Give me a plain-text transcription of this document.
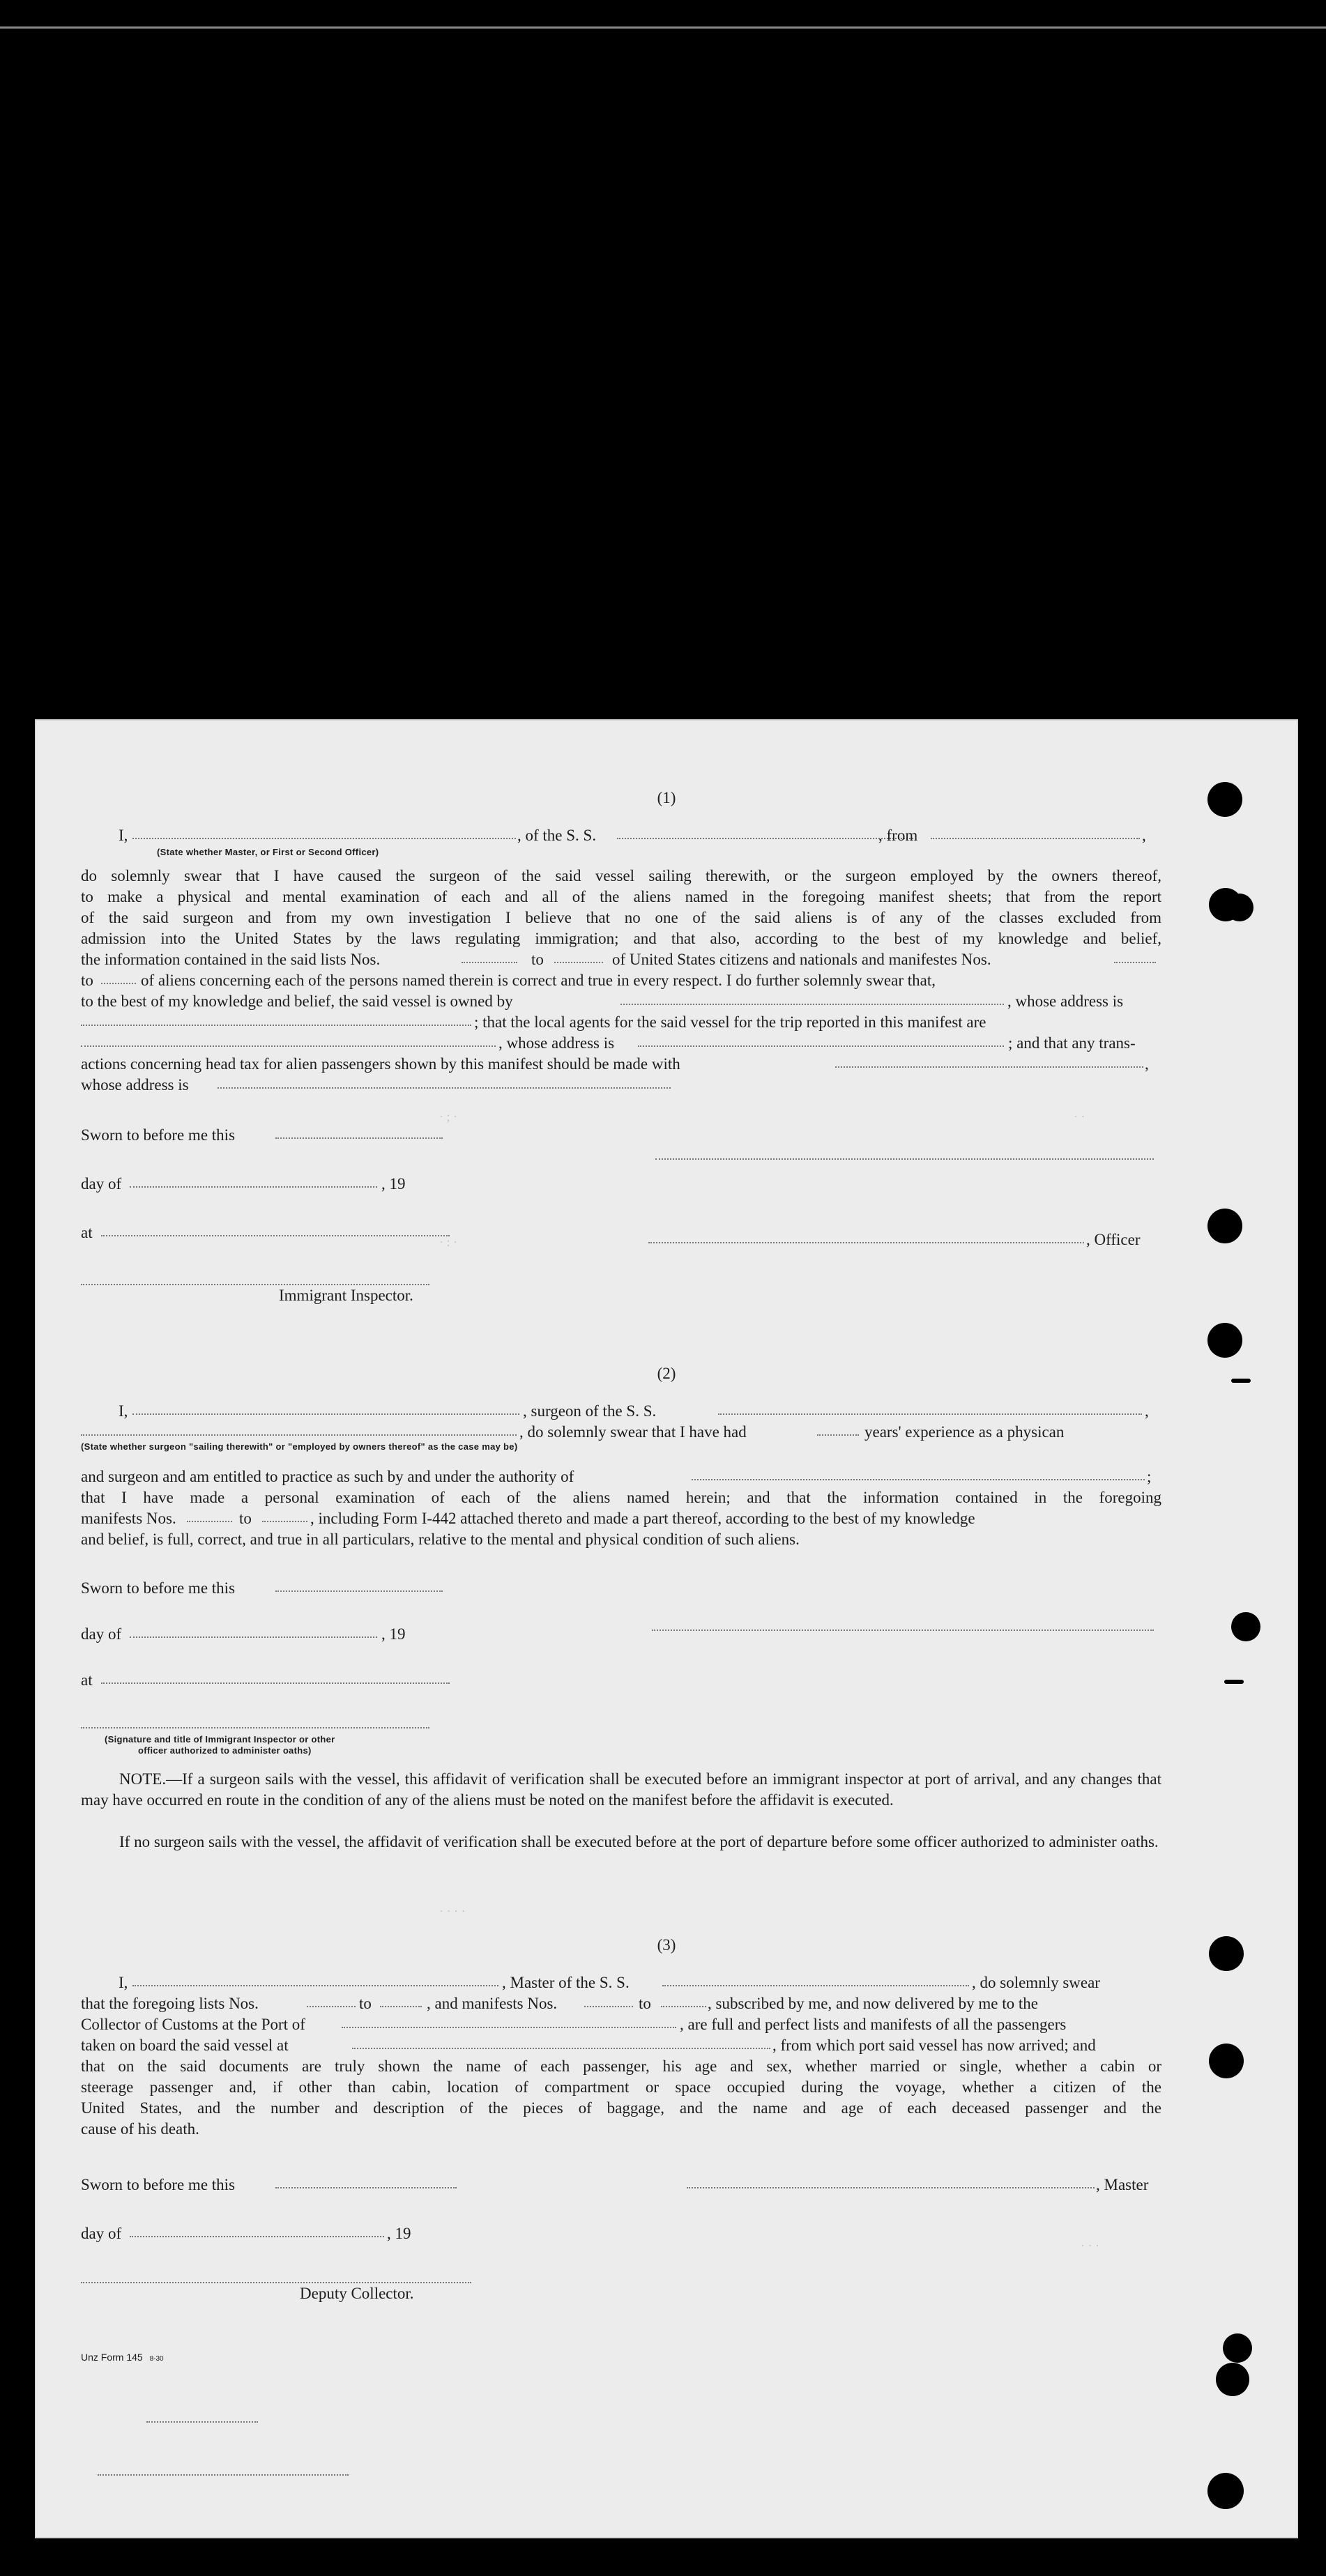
· ; ·
· : ·
· ·
· · · ·
· · ·
(1)
I,	, of the S. S.	, from	,
(State whether Master, or First or Second Officer)
do solemnly swear that I have caused the surgeon of the said vessel sailing therewith, or the surgeon employed by the owners thereof,
to make a physical and mental examination of each and all of the aliens named in the foregoing manifest sheets; that from the report
of the said surgeon and from my own investigation I believe that no one of the said aliens is of any of the classes excluded from
admission into the United States by the laws regulating immigration; and that also, according to the best of my knowledge and belief,
the information contained in the said lists Nos.	to	of United States citizens and nationals and manifestes Nos.
to	of aliens concerning each of the persons named therein is correct and true in every respect. I do further solemnly swear that,
to the best of my knowledge and belief, the said vessel is owned by	, whose address is
; that the local agents for the said vessel for the trip reported in this manifest are
, whose address is	; and that any trans-
actions concerning head tax for alien passengers shown by this manifest should be made with	,
whose address is
Sworn to before me this
day of	, 19
at	, Officer
Immigrant Inspector.
(2)
I,	, surgeon of the S. S.	,
, do solemnly swear that I have had	years' experience as a physican
(State whether surgeon "sailing therewith" or "employed by owners thereof" as the case may be)
and surgeon and am entitled to practice as such by and under the authority of	;
that I have made a personal examination of each of the aliens named herein; and that the information contained in the foregoing
manifests Nos.	to	, including Form I-442 attached thereto and made a part thereof, according to the best of my knowledge
and belief, is full, correct, and true in all particulars, relative to the mental and physical condition of such aliens.
Sworn to before me this
day of	, 19
at
(Signature and title of Immigrant Inspector or other
officer authorized to administer oaths)
NOTE.—If a surgeon sails with the vessel, this affidavit of verification shall be executed before an immigrant inspector at port of arrival, and any changes that may have occurred en route in the condition of any of the aliens must be noted on the manifest before the affidavit is executed.
If no surgeon sails with the vessel, the affidavit of verification shall be executed before at the port of departure before some officer authorized to administer oaths.
(3)
I,	, Master of the S. S.	, do solemnly swear
that the foregoing lists Nos.	to	, and manifests Nos.	to	, subscribed by me, and now delivered by me to the
Collector of Customs at the Port of	, are full and perfect lists and manifests of all the passengers
taken on board the said vessel at	, from which port said vessel has now arrived; and
that on the said documents are truly shown the name of each passenger, his age and sex, whether married or single, whether a cabin or
steerage passenger and, if other than cabin, location of compartment or space occupied during the voyage, whether a citizen of the
United States, and the number and description of the pieces of baggage, and the name and age of each deceased passenger and the
cause of his death.
Sworn to before me this	, Master
day of	, 19
Deputy Collector.
Unz Form 145 8-30
